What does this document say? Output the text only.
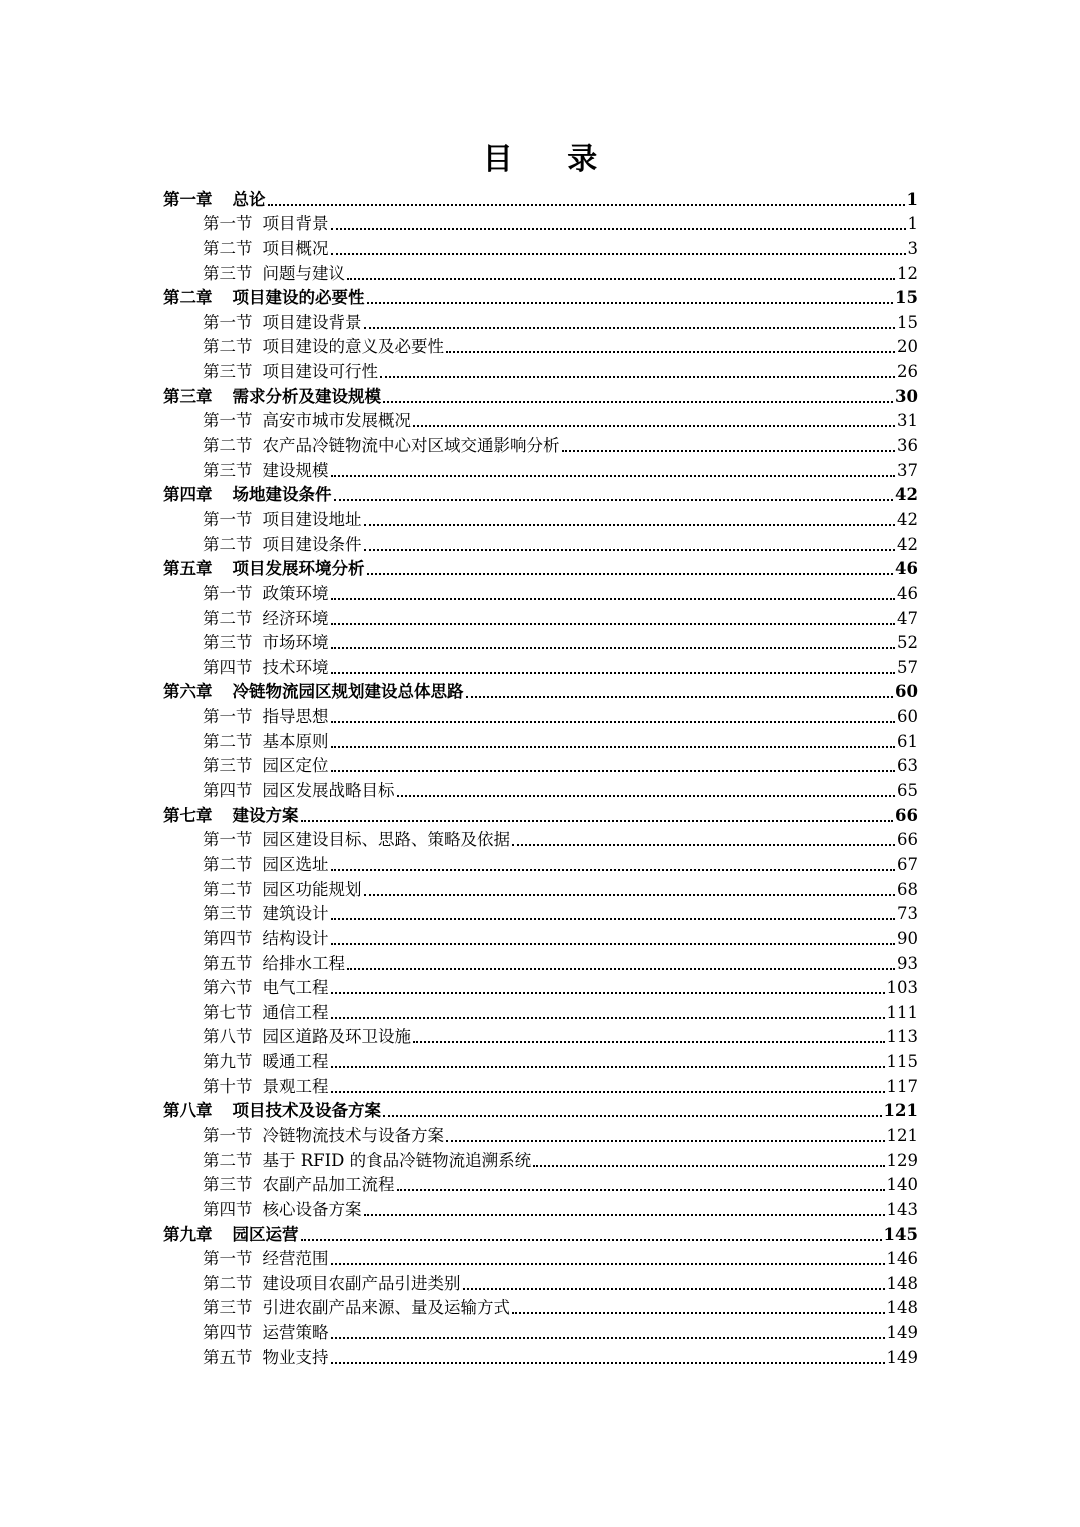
目 录
第一章 总论	1
第一节 项目背景	1
第二节 项目概况	3
第三节 问题与建议	12
第二章 项目建设的必要性	15
第一节 项目建设背景	15
第二节 项目建设的意义及必要性	20
第三节 项目建设可行性	26
第三章 需求分析及建设规模	30
第一节 高安市城市发展概况	31
第二节 农产品冷链物流中心对区域交通影响分析	36
第三节 建设规模	37
第四章 场地建设条件	42
第一节 项目建设地址	42
第二节 项目建设条件	42
第五章 项目发展环境分析	46
第一节 政策环境	46
第二节 经济环境	47
第三节 市场环境	52
第四节 技术环境	57
第六章 冷链物流园区规划建设总体思路	60
第一节 指导思想	60
第二节 基本原则	61
第三节 园区定位	63
第四节 园区发展战略目标	65
第七章 建设方案	66
第一节 园区建设目标、思路、策略及依据	66
第二节 园区选址	67
第二节 园区功能规划	68
第三节 建筑设计	73
第四节 结构设计	90
第五节 给排水工程	93
第六节 电气工程	103
第七节 通信工程	111
第八节 园区道路及环卫设施	113
第九节 暖通工程	115
第十节 景观工程	117
第八章 项目技术及设备方案	121
第一节 冷链物流技术与设备方案	121
第二节 基于 RFID 的食品冷链物流追溯系统	129
第三节 农副产品加工流程	140
第四节 核心设备方案	143
第九章 园区运营	145
第一节 经营范围	146
第二节 建设项目农副产品引进类别	148
第三节 引进农副产品来源、量及运输方式	148
第四节 运营策略	149
第五节 物业支持	149
